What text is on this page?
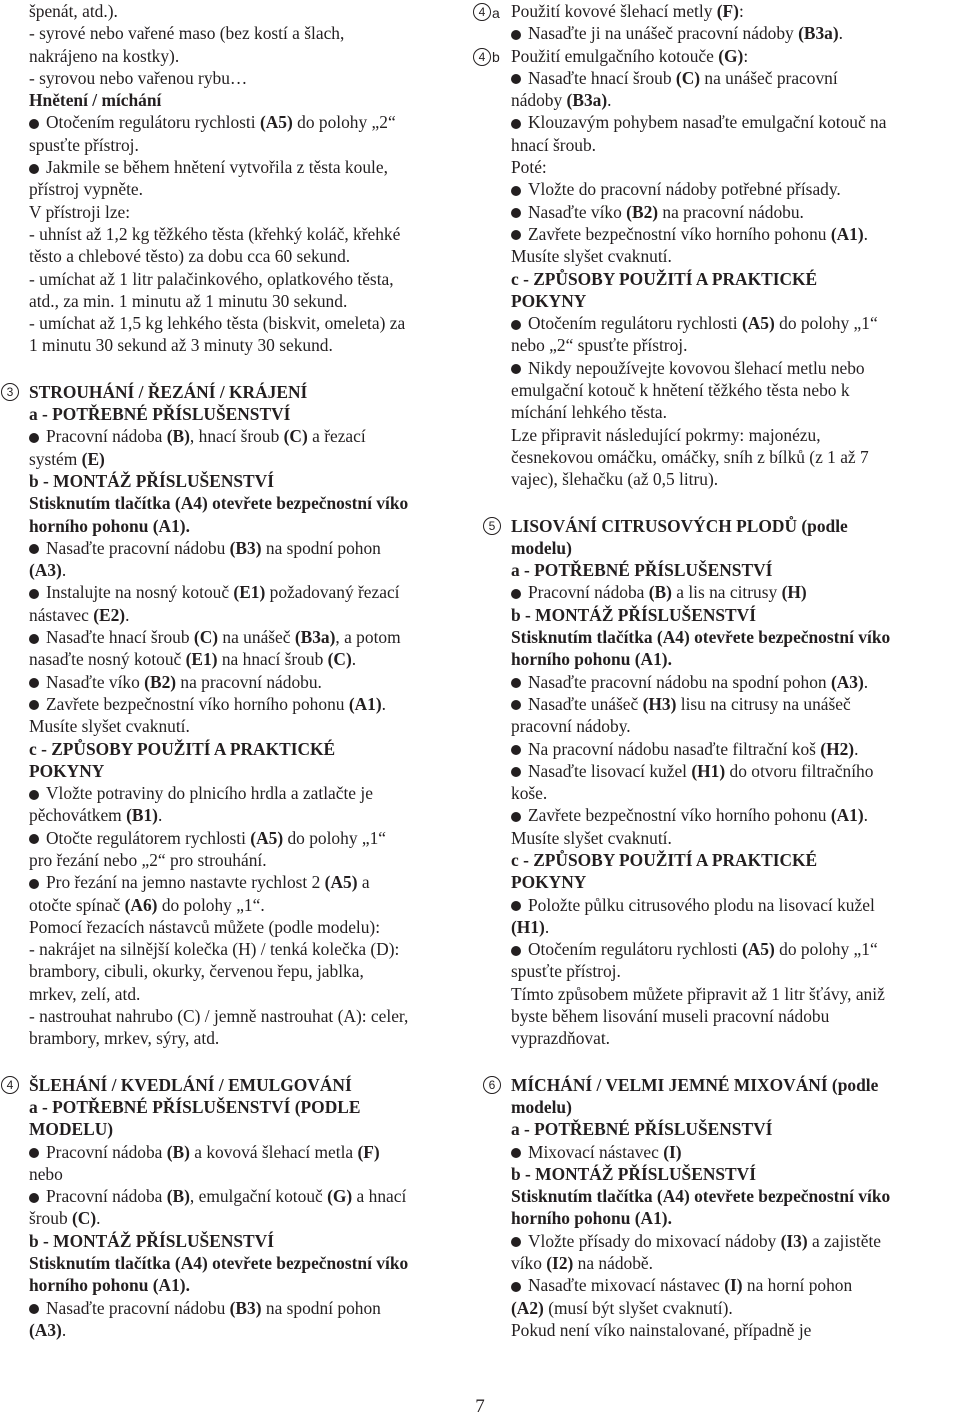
špenát, atd.).
- syrové nebo vařené maso (bez kostí a šlach,
nakrájeno na kostky).
- syrovou nebo vařenou rybu…
Hnětení / míchání
Otočením regulátoru rychlosti (A5) do polohy „2“
spusťte přístroj.
Jakmile se během hnětení vytvořila z těsta koule,
přístroj vypněte.
V přístroji lze:
- uhníst až 1,2 kg těžkého těsta (křehký koláč, křehké
těsto a chlebové těsto) za dobu cca 60 sekund.
- umíchat až 1 litr palačinkového, oplatkového těsta,
atd., za min. 1 minutu až 1 minutu 30 sekund.
- umíchat až 1,5 kg lehkého těsta (biskvit, omeleta) za
1 minutu 30 sekund až 3 minuty 30 sekund.
3 STROUHÁNÍ / ŘEZÁNÍ / KRÁJENÍ
a - POTŘEBNÉ PŘÍSLUŠENSTVÍ
Pracovní nádoba (B), hnací šroub (C) a řezací
systém (E)
b - MONTÁŽ PŘÍSLUŠENSTVÍ
Stisknutím tlačítka (A4) otevřete bezpečnostní víko
horního pohonu (A1).
Nasaďte pracovní nádobu (B3) na spodní pohon
(A3).
Instalujte na nosný kotouč (E1) požadovaný řezací
nástavec (E2).
Nasaďte hnací šroub (C) na unášeč (B3a), a potom
nasaďte nosný kotouč (E1) na hnací šroub (C).
Nasaďte víko (B2) na pracovní nádobu.
Zavřete bezpečnostní víko horního pohonu (A1).
Musíte slyšet cvaknutí.
c - ZPŮSOBY POUŽITÍ A PRAKTICKÉ
POKYNY
Vložte potraviny do plnicího hrdla a zatlačte je
pěchovátkem (B1).
Otočte regulátorem rychlosti (A5) do polohy „1“
pro řezání nebo „2“ pro strouhání.
Pro řezání na jemno nastavte rychlost 2 (A5) a
otočte spínač (A6) do polohy „1“.
Pomocí řezacích nástavců můžete (podle modelu):
- nakrájet na silnější kolečka (H) / tenká kolečka (D):
brambory, cibuli, okurky, červenou řepu, jablka,
mrkev, zelí, atd.
- nastrouhat nahrubo (C) / jemně nastrouhat (A): celer,
brambory, mrkev, sýry, atd.
4 ŠLEHÁNÍ / KVEDLÁNÍ / EMULGOVÁNÍ
a - POTŘEBNÉ PŘÍSLUŠENSTVÍ (PODLE
MODELU)
Pracovní nádoba (B) a kovová šlehací metla (F)
nebo
Pracovní nádoba (B), emulgační kotouč (G) a hnací
šroub (C).
b - MONTÁŽ PŘÍSLUŠENSTVÍ
Stisknutím tlačítka (A4) otevřete bezpečnostní víko
horního pohonu (A1).
Nasaďte pracovní nádobu (B3) na spodní pohon
(A3).
4 a Použití kovové šlehací metly (F):
Nasaďte ji na unášeč pracovní nádoby (B3a).
4 b Použití emulgačního kotouče (G):
Nasaďte hnací šroub (C) na unášeč pracovní
nádoby (B3a).
Klouzavým pohybem nasaďte emulgační kotouč na
hnací šroub.
Poté:
Vložte do pracovní nádoby potřebné přísady.
Nasaďte víko (B2) na pracovní nádobu.
Zavřete bezpečnostní víko horního pohonu (A1).
Musíte slyšet cvaknutí.
c - ZPŮSOBY POUŽITÍ A PRAKTICKÉ
POKYNY
Otočením regulátoru rychlosti (A5) do polohy „1“
nebo „2“ spusťte přístroj.
Nikdy nepoužívejte kovovou šlehací metlu nebo
emulgační kotouč k hnětení těžkého těsta nebo k
míchání lehkého těsta.
Lze připravit následující pokrmy: majonézu,
česnekovou omáčku, omáčky, sníh z bílků (z 1 až 7
vajec), šlehačku (až 0,5 litru).
5 LISOVÁNÍ CITRUSOVÝCH PLODŮ (podle
modelu)
a - POTŘEBNÉ PŘÍSLUŠENSTVÍ
Pracovní nádoba (B) a lis na citrusy (H)
b - MONTÁŽ PŘÍSLUŠENSTVÍ
Stisknutím tlačítka (A4) otevřete bezpečnostní víko
horního pohonu (A1).
Nasaďte pracovní nádobu na spodní pohon (A3).
Nasaďte unášeč (H3) lisu na citrusy na unášeč
pracovní nádoby.
Na pracovní nádobu nasaďte filtrační koš (H2).
Nasaďte lisovací kužel (H1) do otvoru filtračního
koše.
Zavřete bezpečnostní víko horního pohonu (A1).
Musíte slyšet cvaknutí.
c - ZPŮSOBY POUŽITÍ A PRAKTICKÉ
POKYNY
Položte půlku citrusového plodu na lisovací kužel
(H1).
Otočením regulátoru rychlosti (A5) do polohy „1“
spusťte přístroj.
Tímto způsobem můžete připravit až 1 litr šťávy, aniž
byste během lisování museli pracovní nádobu
vyprazdňovat.
6 MÍCHÁNÍ / VELMI JEMNÉ MIXOVÁNÍ (podle
modelu)
a - POTŘEBNÉ PŘÍSLUŠENSTVÍ
Mixovací nástavec (I)
b - MONTÁŽ PŘÍSLUŠENSTVÍ
Stisknutím tlačítka (A4) otevřete bezpečnostní víko
horního pohonu (A1).
Vložte přísady do mixovací nádoby (I3) a zajistěte
víko (I2) na nádobě.
Nasaďte mixovací nástavec (I) na horní pohon
(A2) (musí být slyšet cvaknutí).
Pokud není víko nainstalované, případně je
7
